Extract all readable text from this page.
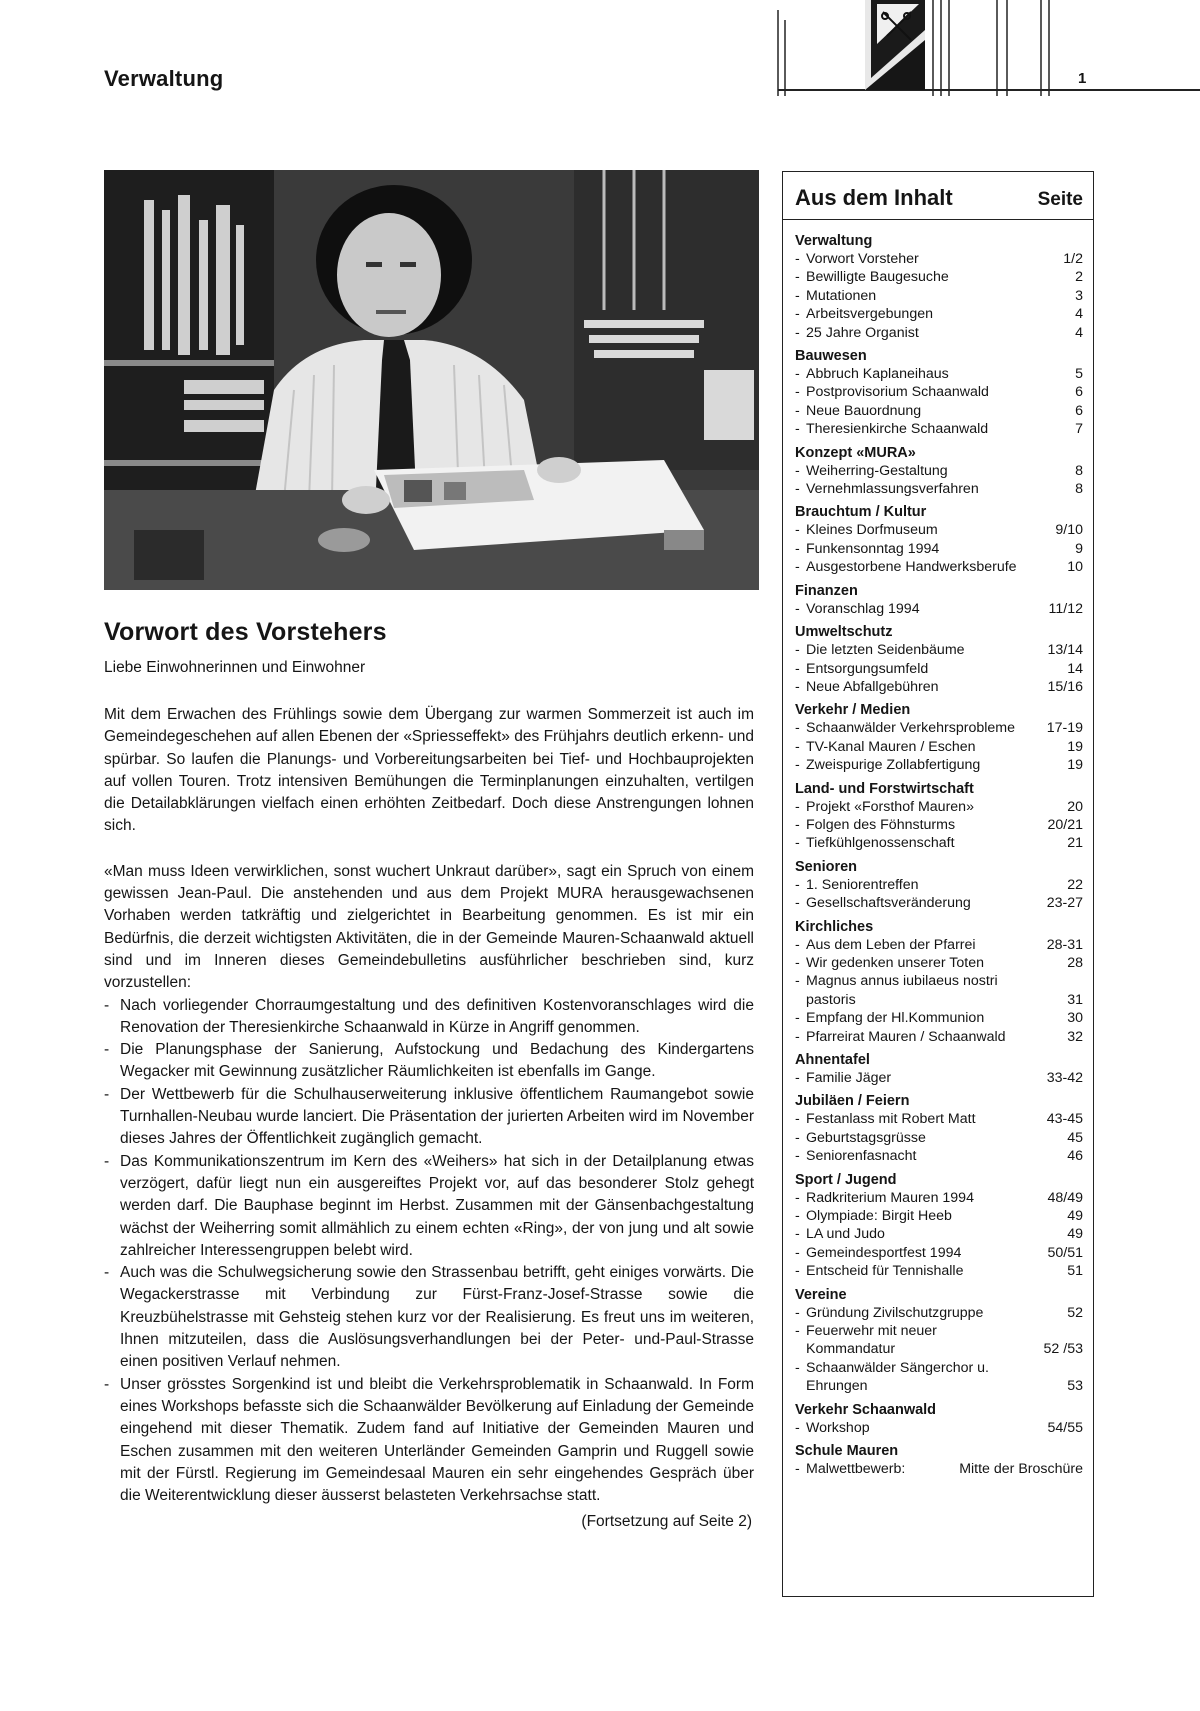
Verwaltung	1
Vorwort des Vorstehers
Liebe Einwohnerinnen und Einwohner

Mit dem Erwachen des Frühlings sowie dem Übergang zur warmen Sommerzeit ist auch im Gemeindegeschehen auf allen Ebenen der «Spriesseffekt» des Frühjahrs deutlich erkenn- und spürbar. So laufen die Planungs- und Vorbereitungsarbeiten bei Tief- und Hochbauprojekten auf vollen Touren. Trotz intensiven Bemühungen die Terminplanungen einzuhalten, vertilgen die Detailabklärungen vielfach einen erhöhten Zeitbedarf. Doch diese Anstrengungen lohnen sich.

«Man muss Ideen verwirklichen, sonst wuchert Unkraut darüber», sagt ein Spruch von einem gewissen Jean-Paul. Die anstehenden und aus dem Projekt MURA herausgewachsenen Vorhaben werden tatkräftig und zielgerichtet in Bearbeitung genommen. Es ist mir ein Bedürfnis, die derzeit wichtigsten Aktivitäten, die in der Gemeinde Mauren-Schaanwald aktuell sind und im Inneren dieses Gemeindebulletins ausführlicher beschrieben sind, kurz vorzustellen:

- Nach vorliegender Chorraumgestaltung und des definitiven Kostenvoranschlages wird die Renovation der Theresienkirche Schaanwald in Kürze in Angriff genommen.
- Die Planungsphase der Sanierung, Aufstockung und Bedachung des Kindergartens Wegacker mit Gewinnung zusätzlicher Räumlichkeiten ist ebenfalls im Gange.
- Der Wettbewerb für die Schulhauserweiterung inklusive öffentlichem Raumangebot sowie Turnhallen-Neubau wurde lanciert. Die Präsentation der jurierten Arbeiten wird im November dieses Jahres der Öffentlichkeit zugänglich gemacht.
- Das Kommunikationszentrum im Kern des «Weihers» hat sich in der Detailplanung etwas verzögert, dafür liegt nun ein ausgereiftes Projekt vor, auf das besonderer Stolz gehegt werden darf. Die Bauphase beginnt im Herbst. Zusammen mit der Gänsenbachgestaltung wächst der Weiherring somit allmählich zu einem echten «Ring», der von jung und alt sowie zahlreicher Interessengruppen belebt wird.
- Auch was die Schulwegsicherung sowie den Strassenbau betrifft, geht einiges vorwärts. Die Wegackerstrasse mit Verbindung zur Fürst-Franz-Josef-Strasse sowie die Kreuzbühelstrasse mit Gehsteig stehen kurz vor der Realisierung. Es freut uns im weiteren, Ihnen mitzuteilen, dass die Auslösungsverhandlungen bei der Peter- und-Paul-Strasse einen positiven Verlauf nehmen.
- Unser grösstes Sorgenkind ist und bleibt die Verkehrsproblematik in Schaanwald. In Form eines Workshops befasste sich die Schaanwälder Bevölkerung auf Einladung der Gemeinde eingehend mit dieser Thematik. Zudem fand auf Initiative der Gemeinden Mauren und Eschen zusammen mit den weiteren Unterländer Gemeinden Gamprin und Ruggell sowie mit der Fürstl. Regierung im Gemeindesaal Mauren ein sehr eingehendes Gespräch über die Weiterentwicklung dieser äusserst belasteten Verkehrsachse statt.
(Fortsetzung auf Seite 2)
Aus dem Inhalt	Seite
Verwaltung
- Vorwort Vorsteher	1/2
- Bewilligte Baugesuche	2
- Mutationen	3
- Arbeitsvergebungen	4
- 25 Jahre Organist	4
Bauwesen
- Abbruch Kaplaneihaus	5
- Postprovisorium Schaanwald	6
- Neue Bauordnung	6
- Theresienkirche Schaanwald	7
Konzept «MURA»
- Weiherring-Gestaltung	8
- Vernehmlassungsverfahren	8
Brauchtum / Kultur
- Kleines Dorfmuseum	9/10
- Funkensonntag 1994	9
- Ausgestorbene Handwerksberufe	10
Finanzen
- Voranschlag 1994	11/12
Umweltschutz
- Die letzten Seidenbäume	13/14
- Entsorgungsumfeld	14
- Neue Abfallgebühren	15/16
Verkehr / Medien
- Schaanwälder Verkehrsprobleme	17-19
- TV-Kanal Mauren / Eschen	19
- Zweispurige Zollabfertigung	19
Land- und Forstwirtschaft
- Projekt «Forsthof Mauren»	20
- Folgen des Föhnsturms	20/21
- Tiefkühlgenossenschaft	21
Senioren
- 1. Seniorentreffen	22
- Gesellschaftsveränderung	23-27
Kirchliches
- Aus dem Leben der Pfarrei	28-31
- Wir gedenken unserer Toten	28
- Magnus annus iubilaeus nostri pastoris	31
- Empfang der Hl.Kommunion	30
- Pfarreirat Mauren / Schaanwald	32
Ahnentafel
- Familie Jäger	33-42
Jubiläen / Feiern
- Festanlass mit Robert Matt	43-45
- Geburtstagsgrüsse	45
- Seniorenfasnacht	46
Sport / Jugend
- Radkriterium Mauren 1994	48/49
- Olympiade: Birgit Heeb	49
- LA und Judo	49
- Gemeindesportfest 1994	50/51
- Entscheid für Tennishalle	51
Vereine
- Gründung Zivilschutzgruppe	52
- Feuerwehr mit neuer Kommandatur	52 /53
- Schaanwälder Sängerchor u. Ehrungen	53
Verkehr Schaanwald
- Workshop	54/55
Schule Mauren
- Malwettbewerb:	Mitte der Broschüre
